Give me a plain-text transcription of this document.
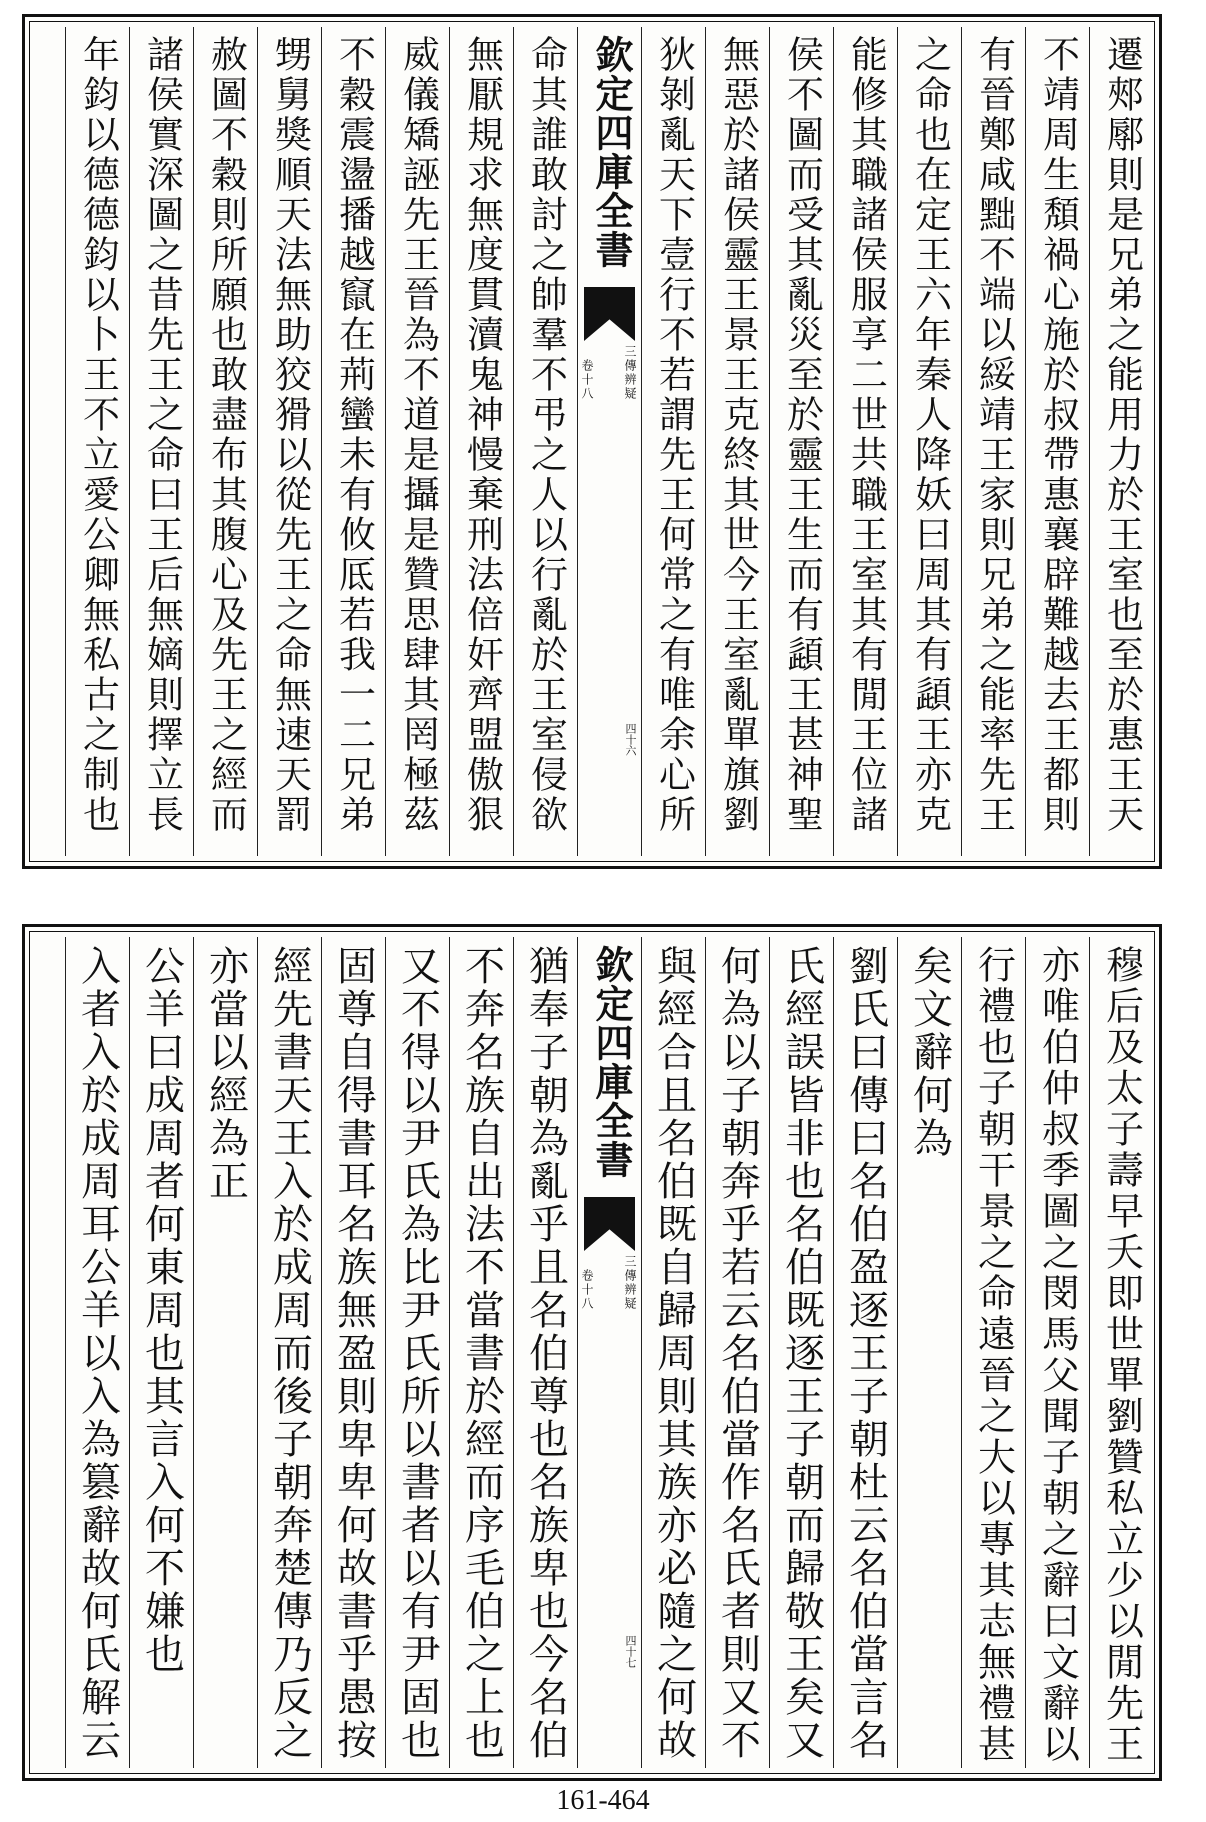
遷郟鄏則是兄弟之能用力於王室也至於惠王天
不靖周生頽禍心施於叔帶惠襄辟難越去王都則
有晉鄭咸黜不端以綏靖王家則兄弟之能率先王
之命也在定王六年秦人降妖曰周其有頿王亦克
能修其職諸侯服享二世共職王室其有閒王位諸
侯不圖而受其亂災至於靈王生而有頿王甚神聖
無惡於諸侯靈王景王克終其世今王室亂單旗劉
狄剝亂天下壹行不若謂先王何常之有唯余心所
欽定四庫全書
卷十八 三傳辨疑
四十六
命其誰敢討之帥羣不弔之人以行亂於王室侵欲
無厭規求無度貫瀆鬼神慢棄刑法倍奸齊盟傲狠
威儀矯誣先王晉為不道是攝是贊思肆其罔極茲
不穀震盪播越竄在荊蠻未有攸厎若我一二兄弟
甥舅獎順天法無助狡猾以從先王之命無速天罰
赦圖不穀則所願也敢盡布其腹心及先王之經而
諸侯實深圖之昔先王之命曰王后無嫡則擇立長
年鈞以德德鈞以卜王不立愛公卿無私古之制也
穆后及太子壽早夭即世單劉贊私立少以閒先王
亦唯伯仲叔季圖之閔馬父聞子朝之辭曰文辭以
行禮也子朝干景之命遠晉之大以專其志無禮甚
矣文辭何為
劉氏曰傳曰名伯盈逐王子朝杜云名伯當言名
氏經誤皆非也名伯既逐王子朝而歸敬王矣又
何為以子朝奔乎若云名伯當作名氏者則又不
與經合且名伯既自歸周則其族亦必隨之何故
欽定四庫全書
卷十八 三傳辨疑
四十七
猶奉子朝為亂乎且名伯尊也名族卑也今名伯
不奔名族自出法不當書於經而序毛伯之上也
又不得以尹氏為比尹氏所以書者以有尹固也
固尊自得書耳名族無盈則卑卑何故書乎愚按
經先書天王入於成周而後子朝奔楚傳乃反之
亦當以經為正
公羊曰成周者何東周也其言入何不嫌也
入者入於成周耳公羊以入為篡辭故何氏解云
161-464
